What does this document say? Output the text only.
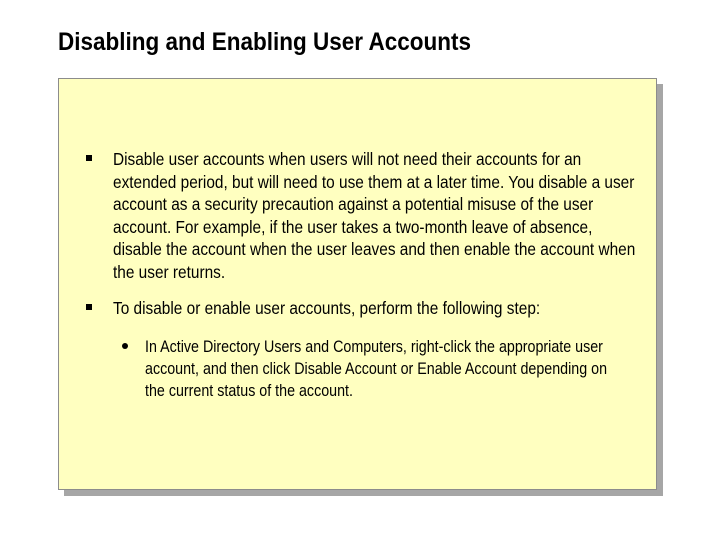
Disabling and Enabling User Accounts
Disable user accounts when users will not need their accounts for an extended period, but will need to use them at a later time. You disable a user account as a security precaution against a potential misuse of the user account. For example, if the user takes a two-month leave of absence, disable the account when the user leaves and then enable the account when the user returns.
To disable or enable user accounts, perform the following step:
In Active Directory Users and Computers, right-click the appropriate user account, and then click Disable Account or Enable Account depending on the current status of the account.
